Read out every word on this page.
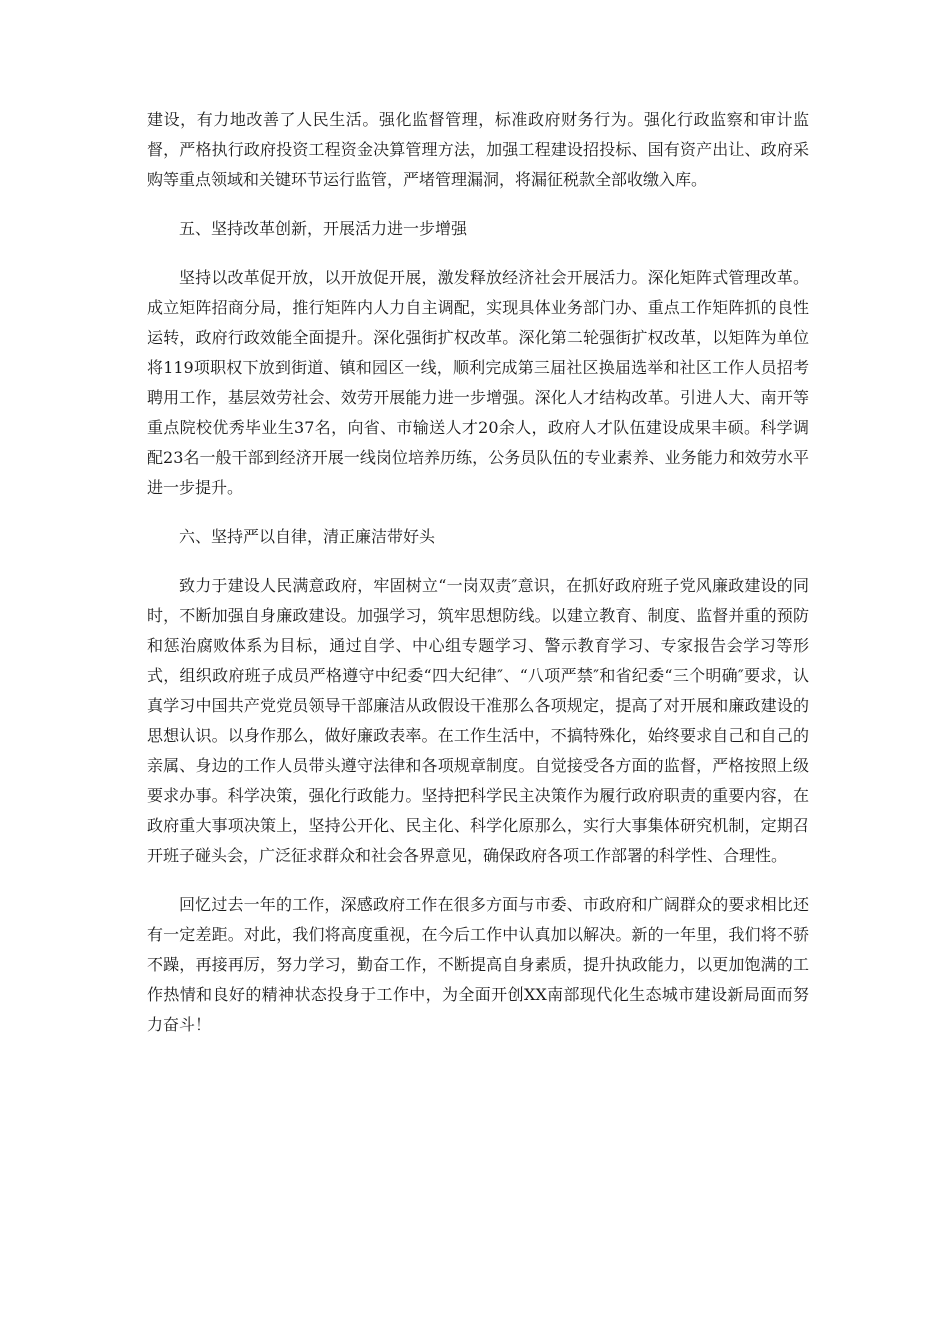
建设，有力地改善了人民生活。强化监督管理，标准政府财务行为。强化行政监察和审计监督，严格执行政府投资工程资金决算管理方法，加强工程建设招投标、国有资产出让、政府采购等重点领域和关键环节运行监管，严堵管理漏洞，将漏征税款全部收缴入库。

五、坚持改革创新，开展活力进一步增强

坚持以改革促开放，以开放促开展，激发释放经济社会开展活力。深化矩阵式管理改革。成立矩阵招商分局，推行矩阵内人力自主调配，实现具体业务部门办、重点工作矩阵抓的良性运转，政府行政效能全面提升。深化强街扩权改革。深化第二轮强街扩权改革，以矩阵为单位将119项职权下放到街道、镇和园区一线，顺利完成第三届社区换届选举和社区工作人员招考聘用工作，基层效劳社会、效劳开展能力进一步增强。深化人才结构改革。引进人大、南开等重点院校优秀毕业生37名，向省、市输送人才20余人，政府人才队伍建设成果丰硕。科学调配23名一般干部到经济开展一线岗位培养历练，公务员队伍的专业素养、业务能力和效劳水平进一步提升。

六、坚持严以自律，清正廉洁带好头

致力于建设人民满意政府，牢固树立“一岗双责″意识，在抓好政府班子党风廉政建设的同时，不断加强自身廉政建设。加强学习，筑牢思想防线。以建立教育、制度、监督并重的预防和惩治腐败体系为目标，通过自学、中心组专题学习、警示教育学习、专家报告会学习等形式，组织政府班子成员严格遵守中纪委“四大纪律″、“八项严禁″和省纪委“三个明确″要求，认真学习中国共产党党员领导干部廉洁从政假设干准那么各项规定，提高了对开展和廉政建设的思想认识。以身作那么，做好廉政表率。在工作生活中，不搞特殊化，始终要求自己和自己的亲属、身边的工作人员带头遵守法律和各项规章制度。自觉接受各方面的监督，严格按照上级要求办事。科学决策，强化行政能力。坚持把科学民主决策作为履行政府职责的重要内容，在政府重大事项决策上，坚持公开化、民主化、科学化原那么，实行大事集体研究机制，定期召开班子碰头会，广泛征求群众和社会各界意见，确保政府各项工作部署的科学性、合理性。

回忆过去一年的工作，深感政府工作在很多方面与市委、市政府和广阔群众的要求相比还有一定差距。对此，我们将高度重视，在今后工作中认真加以解决。新的一年里，我们将不骄不躁，再接再厉，努力学习，勤奋工作，不断提高自身素质，提升执政能力，以更加饱满的工作热情和良好的精神状态投身于工作中，为全面开创XX南部现代化生态城市建设新局面而努力奋斗！
